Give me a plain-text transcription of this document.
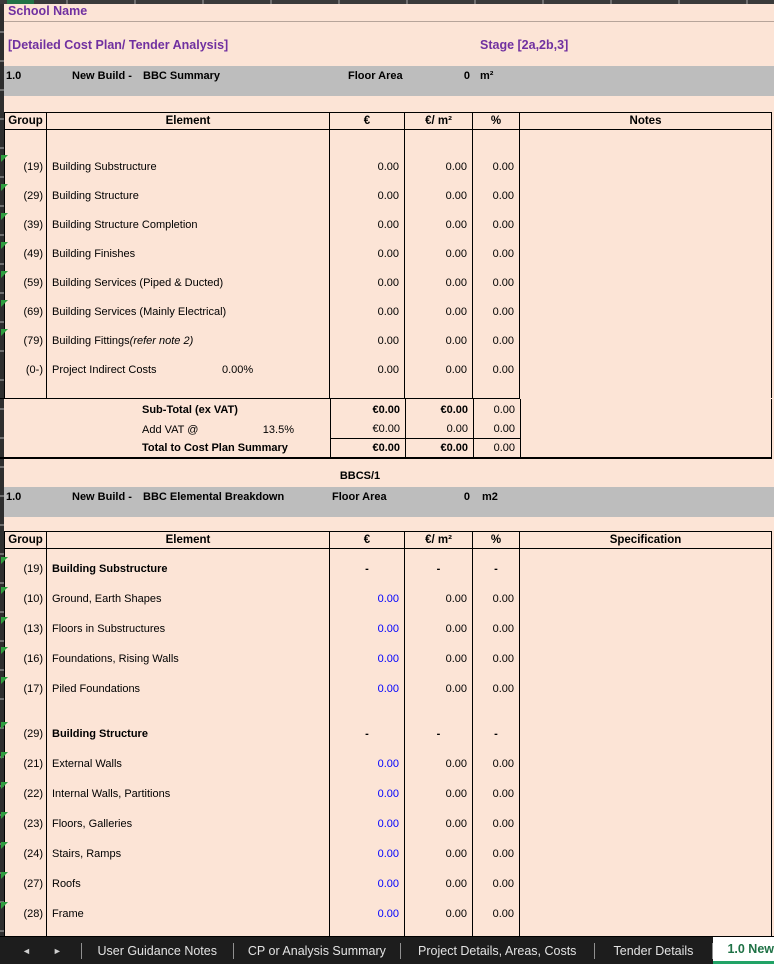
School Name
[Detailed Cost Plan/ Tender Analysis]	Stage [2a,2b,3]
1.0	New Build - BBC Summary	Floor Area	0 m²
Group	Element	€	€/ m²	%	Notes
(19) Building Substructure	0.00	0.00	0.00
(29) Building Structure	0.00	0.00	0.00
(39) Building Structure Completion	0.00	0.00	0.00
(49) Building Finishes	0.00	0.00	0.00
(59) Building Services (Piped & Ducted)	0.00	0.00	0.00
(69) Building Services (Mainly Electrical)	0.00	0.00	0.00
(79) Building Fittings (refer note 2)	0.00	0.00	0.00
(0-) Project Indirect Costs	0.00%	0.00	0.00	0.00
Sub-Total (ex VAT)	€0.00	€0.00	0.00
Add VAT @	13.5%	€0.00	0.00	0.00
Total to Cost Plan Summary	€0.00	€0.00	0.00
BBCS/1
1.0	New Build - BBC Elemental Breakdown	Floor Area	0 m2
Group	Element	€	€/ m²	%	Specification
(19) Building Substructure	-	-	-
(10) Ground, Earth Shapes	0.00	0.00	0.00
(13) Floors in Substructures	0.00	0.00	0.00
(16) Foundations, Rising Walls	0.00	0.00	0.00
(17) Piled Foundations	0.00	0.00	0.00
(29) Building Structure	-	-	-
(21) External Walls	0.00	0.00	0.00
(22) Internal Walls, Partitions	0.00	0.00	0.00
(23) Floors, Galleries	0.00	0.00	0.00
(24) Stairs, Ramps	0.00	0.00	0.00
(27) Roofs	0.00	0.00	0.00
(28) Frame	0.00	0.00	0.00
◄ ►	User Guidance Notes	CP or Analysis Summary	Project Details, Areas, Costs	Tender Details	1.0 New
